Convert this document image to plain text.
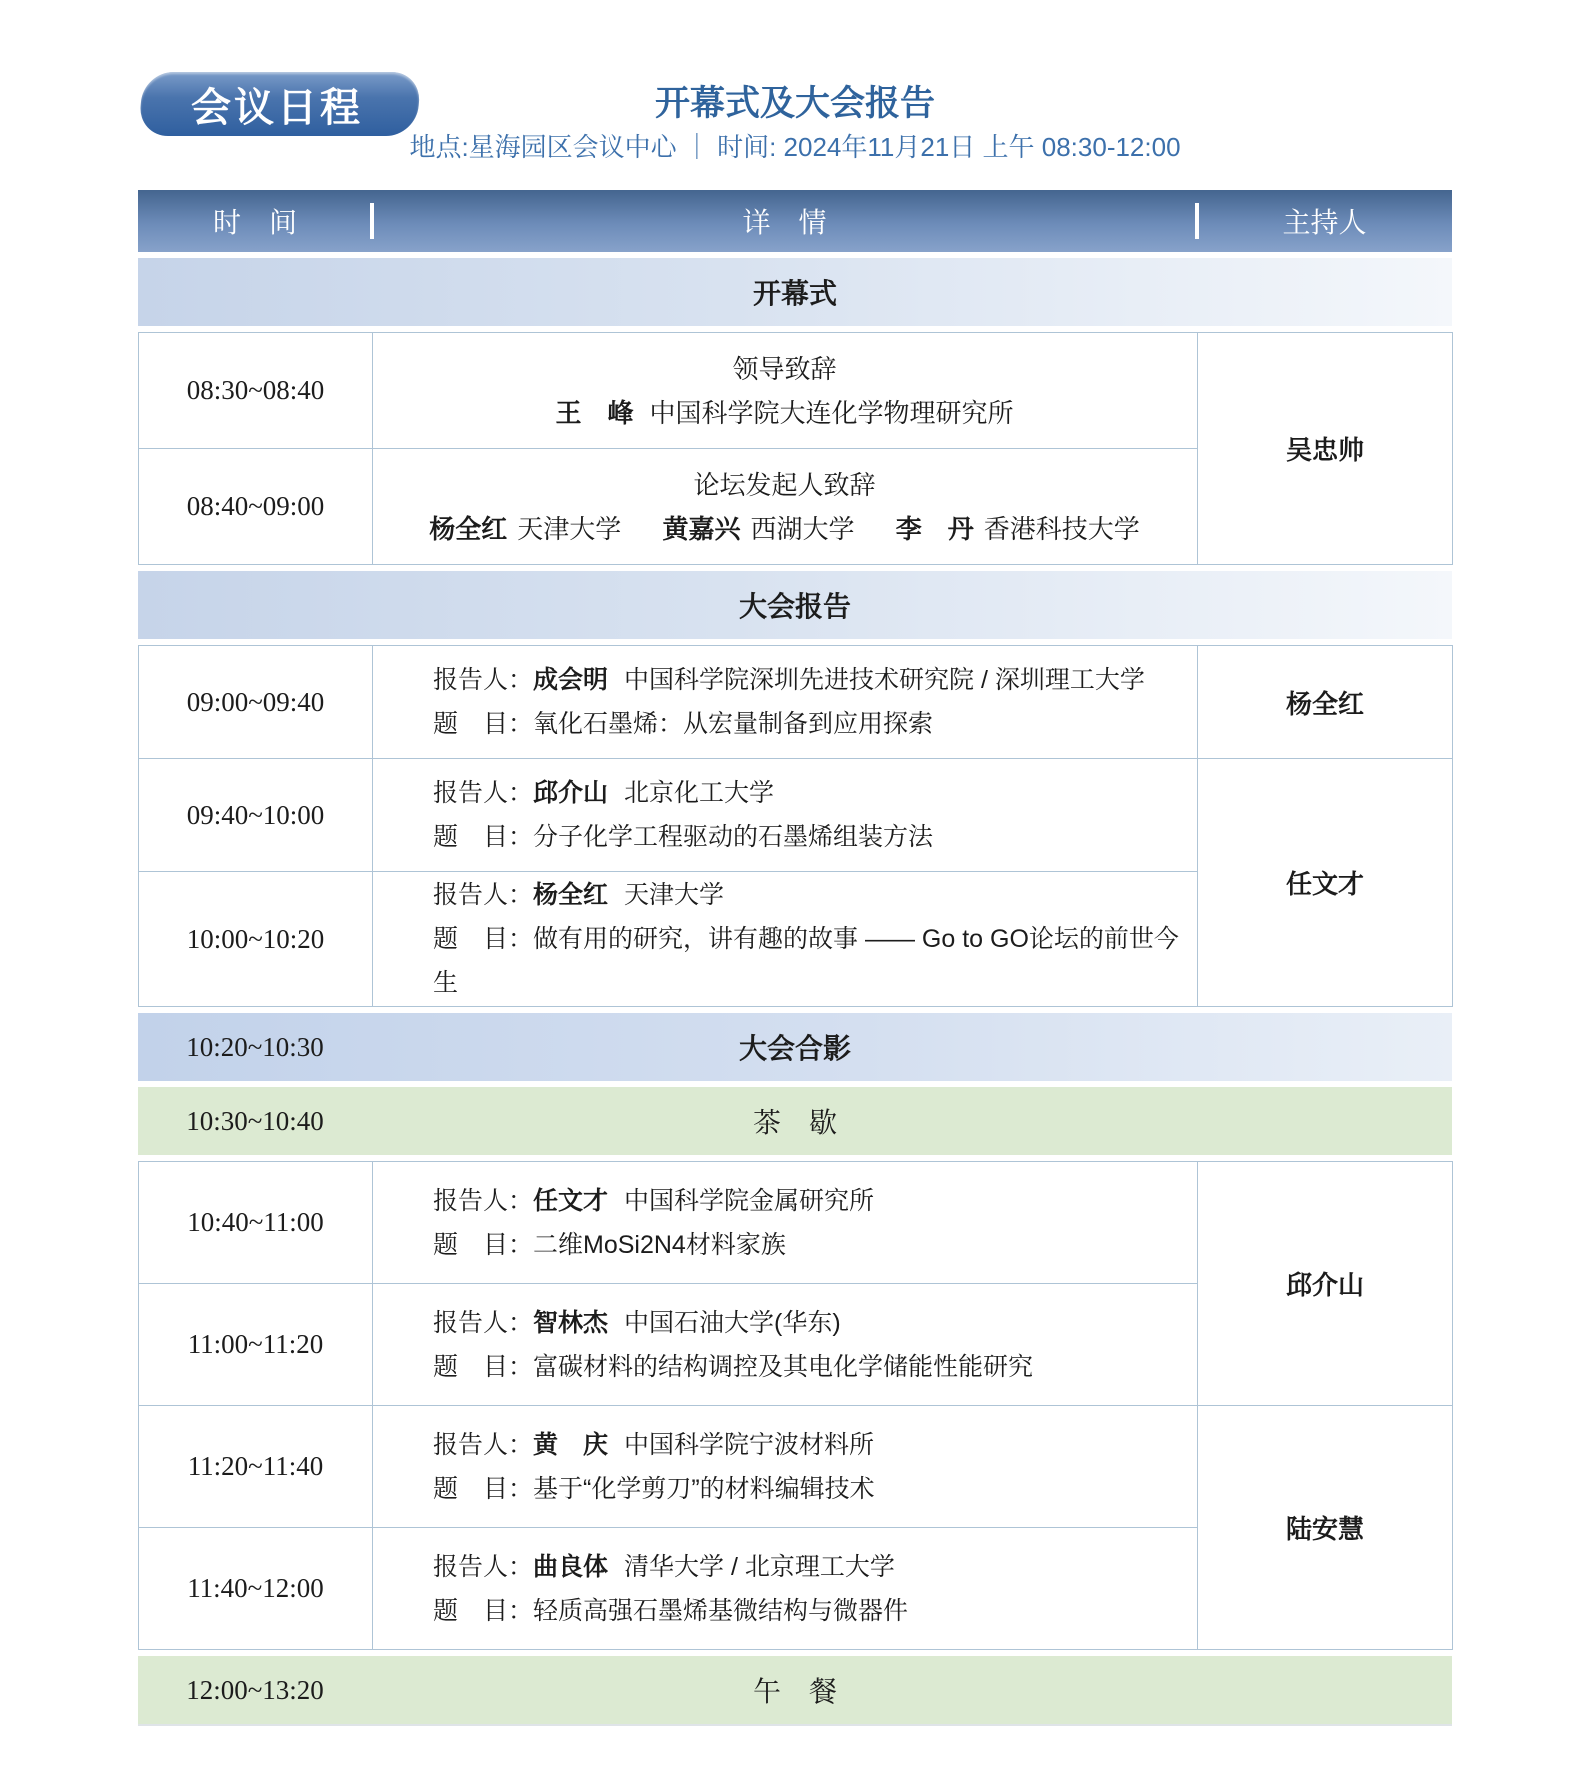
会议日程	开幕式及大会报告
地点:星海园区会议中心 ｜ 时间: 2024年11月21日 上午 08:30-12:00
时　间	详　情	主持人
开幕式
08:30~08:40	领导致辞
王　峰 中国科学院大连化学物理研究所	吴忠帅
08:40~09:00	论坛发起人致辞
杨全红 天津大学 黄嘉兴 西湖大学 李　丹 香港科技大学	
大会报告
09:00~09:40	报告人：成会明 中国科学院深圳先进技术研究院 / 深圳理工大学
题　目：氧化石墨烯：从宏量制备到应用探索	杨全红
09:40~10:00	报告人：邱介山 北京化工大学
题　目：分子化学工程驱动的石墨烯组装方法	任文才
10:00~10:20	报告人：杨全红 天津大学
题　目：做有用的研究，讲有趣的故事 —— Go to GO论坛的前世今生	
10:20~10:30	大会合影
10:30~10:40	茶　歇
10:40~11:00	报告人：任文才 中国科学院金属研究所
题　目：二维MoSi2N4材料家族	邱介山
11:00~11:20	报告人：智林杰 中国石油大学(华东)
题　目：富碳材料的结构调控及其电化学储能性能研究	

11:20~11:40	报告人：黄　庆 中国科学院宁波材料所
题　目：基于“化学剪刀”的材料编辑技术	陆安慧
11:40~12:00	报告人：曲良体 清华大学 / 北京理工大学
题　目：轻质高强石墨烯基微结构与微器件	
12:00~13:20	午　餐
